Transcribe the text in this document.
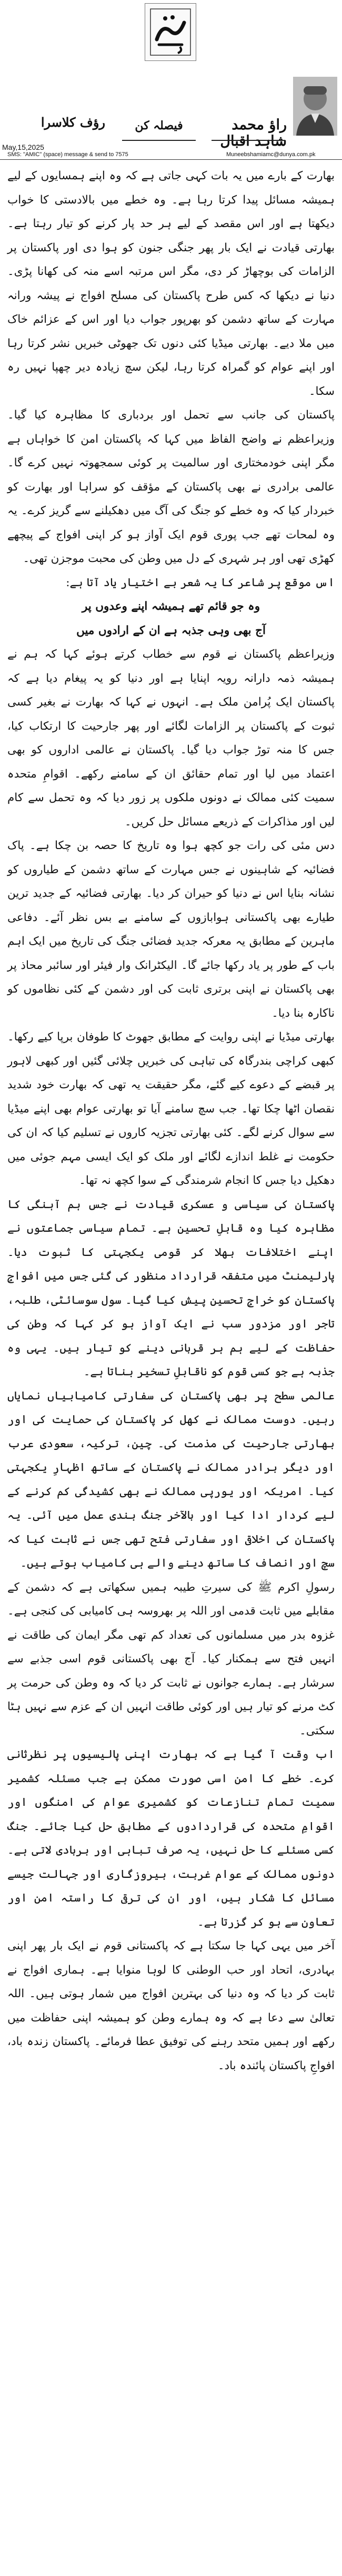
راؤ محمد شاہد اقبال
فیصلہ کن
رؤف کلاسرا
May,15,2025
SMS: "AMIC" (space) message & send to 7575	Muneebshamiamc@dunya.com.pk

بھارت کے بارے میں یہ بات کہی جاتی ہے کہ وہ اپنے ہمسایوں کے لیے ہمیشہ مسائل پیدا کرتا رہا ہے۔ وہ خطے میں بالادستی کا خواب دیکھتا ہے اور اس مقصد کے لیے ہر حد پار کرنے کو تیار رہتا ہے۔ بھارتی قیادت نے ایک بار پھر جنگی جنون کو ہوا دی اور پاکستان پر الزامات کی بوچھاڑ کر دی، مگر اس مرتبہ اسے منہ کی کھانا پڑی۔ دنیا نے دیکھا کہ کس طرح پاکستان کی مسلح افواج نے پیشہ ورانہ مہارت کے ساتھ دشمن کو بھرپور جواب دیا اور اس کے عزائم خاک میں ملا دیے۔ بھارتی میڈیا کئی دنوں تک جھوٹی خبریں نشر کرتا رہا اور اپنے عوام کو گمراہ کرتا رہا، لیکن سچ زیادہ دیر چھپا نہیں رہ سکا۔

پاکستان کی جانب سے تحمل اور بردباری کا مظاہرہ کیا گیا۔ وزیراعظم نے واضح الفاظ میں کہا کہ پاکستان امن کا خواہاں ہے مگر اپنی خودمختاری اور سالمیت پر کوئی سمجھوتہ نہیں کرے گا۔ عالمی برادری نے بھی پاکستان کے مؤقف کو سراہا اور بھارت کو خبردار کیا کہ وہ خطے کو جنگ کی آگ میں دھکیلنے سے گریز کرے۔ یہ وہ لمحات تھے جب پوری قوم ایک آواز ہو کر اپنی افواج کے پیچھے کھڑی تھی اور ہر شہری کے دل میں وطن کی محبت موجزن تھی۔

اس موقع پر شاعر کا یہ شعر بے اختیار یاد آتا ہے:

وہ جو قائم تھے ہمیشہ اپنے وعدوں پر

آج بھی وہی جذبہ ہے ان کے ارادوں میں

وزیراعظم پاکستان نے قوم سے خطاب کرتے ہوئے کہا کہ ہم نے ہمیشہ ذمہ دارانہ رویہ اپنایا ہے اور دنیا کو یہ پیغام دیا ہے کہ پاکستان ایک پُرامن ملک ہے۔ انہوں نے کہا کہ بھارت نے بغیر کسی ثبوت کے پاکستان پر الزامات لگائے اور پھر جارحیت کا ارتکاب کیا، جس کا منہ توڑ جواب دیا گیا۔ پاکستان نے عالمی اداروں کو بھی اعتماد میں لیا اور تمام حقائق ان کے سامنے رکھے۔ اقوامِ متحدہ سمیت کئی ممالک نے دونوں ملکوں پر زور دیا کہ وہ تحمل سے کام لیں اور مذاکرات کے ذریعے مسائل حل کریں۔

دس مئی کی رات جو کچھ ہوا وہ تاریخ کا حصہ بن چکا ہے۔ پاک فضائیہ کے شاہینوں نے جس مہارت کے ساتھ دشمن کے طیاروں کو نشانہ بنایا اس نے دنیا کو حیران کر دیا۔ بھارتی فضائیہ کے جدید ترین طیارے بھی پاکستانی ہوابازوں کے سامنے بے بس نظر آئے۔ دفاعی ماہرین کے مطابق یہ معرکہ جدید فضائی جنگ کی تاریخ میں ایک اہم باب کے طور پر یاد رکھا جائے گا۔ الیکٹرانک وار فیئر اور سائبر محاذ پر بھی پاکستان نے اپنی برتری ثابت کی اور دشمن کے کئی نظاموں کو ناکارہ بنا دیا۔

بھارتی میڈیا نے اپنی روایت کے مطابق جھوٹ کا طوفان برپا کیے رکھا۔ کبھی کراچی بندرگاہ کی تباہی کی خبریں چلائی گئیں اور کبھی لاہور پر قبضے کے دعوے کیے گئے، مگر حقیقت یہ تھی کہ بھارت خود شدید نقصان اٹھا چکا تھا۔ جب سچ سامنے آیا تو بھارتی عوام بھی اپنے میڈیا سے سوال کرنے لگے۔ کئی بھارتی تجزیہ کاروں نے تسلیم کیا کہ ان کی حکومت نے غلط اندازے لگائے اور ملک کو ایک ایسی مہم جوئی میں دھکیل دیا جس کا انجام شرمندگی کے سوا کچھ نہ تھا۔

پاکستان کی سیاسی و عسکری قیادت نے جس ہم آہنگی کا مظاہرہ کیا وہ قابلِ تحسین ہے۔ تمام سیاسی جماعتوں نے اپنے اختلافات بھلا کر قومی یکجہتی کا ثبوت دیا۔ پارلیمنٹ میں متفقہ قرارداد منظور کی گئی جس میں افواجِ پاکستان کو خراجِ تحسین پیش کیا گیا۔ سول سوسائٹی، طلبہ، تاجر اور مزدور سب نے ایک آواز ہو کر کہا کہ وطن کی حفاظت کے لیے ہم ہر قربانی دینے کو تیار ہیں۔ یہی وہ جذبہ ہے جو کسی قوم کو ناقابلِ تسخیر بناتا ہے۔

عالمی سطح پر بھی پاکستان کی سفارتی کامیابیاں نمایاں رہیں۔ دوست ممالک نے کھل کر پاکستان کی حمایت کی اور بھارتی جارحیت کی مذمت کی۔ چین، ترکیہ، سعودی عرب اور دیگر برادر ممالک نے پاکستان کے ساتھ اظہارِ یکجہتی کیا۔ امریکہ اور یورپی ممالک نے بھی کشیدگی کم کرنے کے لیے کردار ادا کیا اور بالآخر جنگ بندی عمل میں آئی۔ یہ پاکستان کی اخلاقی اور سفارتی فتح تھی جس نے ثابت کیا کہ سچ اور انصاف کا ساتھ دینے والے ہی کامیاب ہوتے ہیں۔

رسولِ اکرم ﷺ کی سیرتِ طیبہ ہمیں سکھاتی ہے کہ دشمن کے مقابلے میں ثابت قدمی اور اللہ پر بھروسہ ہی کامیابی کی کنجی ہے۔ غزوہ بدر میں مسلمانوں کی تعداد کم تھی مگر ایمان کی طاقت نے انہیں فتح سے ہمکنار کیا۔ آج بھی پاکستانی قوم اسی جذبے سے سرشار ہے۔ ہمارے جوانوں نے ثابت کر دیا کہ وہ وطن کی حرمت پر کٹ مرنے کو تیار ہیں اور کوئی طاقت انہیں ان کے عزم سے نہیں ہٹا سکتی۔

اب وقت آ گیا ہے کہ بھارت اپنی پالیسیوں پر نظرثانی کرے۔ خطے کا امن اسی صورت ممکن ہے جب مسئلہ کشمیر سمیت تمام تنازعات کو کشمیری عوام کی امنگوں اور اقوامِ متحدہ کی قراردادوں کے مطابق حل کیا جائے۔ جنگ کسی مسئلے کا حل نہیں، یہ صرف تباہی اور بربادی لاتی ہے۔ دونوں ممالک کے عوام غربت، بیروزگاری اور جہالت جیسے مسائل کا شکار ہیں، اور ان کی ترقی کا راستہ امن اور تعاون سے ہو کر گزرتا ہے۔

آخر میں یہی کہا جا سکتا ہے کہ پاکستانی قوم نے ایک بار پھر اپنی بہادری، اتحاد اور حب الوطنی کا لوہا منوایا ہے۔ ہماری افواج نے ثابت کر دیا کہ وہ دنیا کی بہترین افواج میں شمار ہوتی ہیں۔ اللہ تعالیٰ سے دعا ہے کہ وہ ہمارے وطن کو ہمیشہ اپنی حفاظت میں رکھے اور ہمیں متحد رہنے کی توفیق عطا فرمائے۔ پاکستان زندہ باد، افواجِ پاکستان پائندہ باد۔
